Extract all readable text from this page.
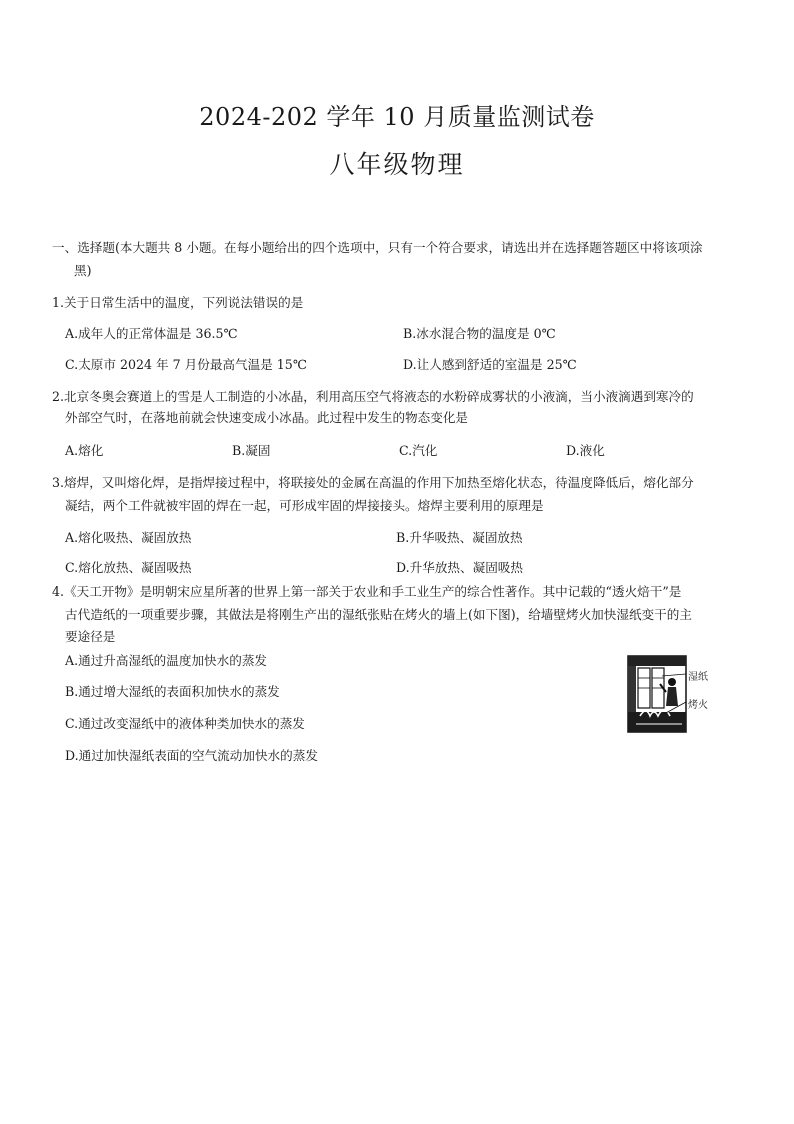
2024-202 学年 10 月质量监测试卷
八年级物理
一、选择题(本大题共 8 小题。在每小题给出的四个选项中，只有一个符合要求，请选出并在选择题答题区中将该项涂
黑)
1.关于日常生活中的温度，下列说法错误的是
A.成年人的正常体温是 36.5℃	B.冰水混合物的温度是 0℃
C.太原市 2024 年 7 月份最高气温是 15℃	D.让人感到舒适的室温是 25℃
2.北京冬奥会赛道上的雪是人工制造的小冰晶，利用高压空气将液态的水粉碎成雾状的小液滴，当小液滴遇到寒冷的
外部空气时，在落地前就会快速变成小冰晶。此过程中发生的物态变化是
A.熔化	B.凝固	C.汽化	D.液化
3.熔焊，又叫熔化焊，是指焊接过程中，将联接处的金属在高温的作用下加热至熔化状态，待温度降低后，熔化部分
凝结，两个工件就被牢固的焊在一起，可形成牢固的焊接接头。熔焊主要利用的原理是
A.熔化吸热、凝固放热	B.升华吸热、凝固放热
C.熔化放热、凝固吸热	D.升华放热、凝固吸热
4.《天工开物》是明朝宋应星所著的世界上第一部关于农业和手工业生产的综合性著作。其中记载的“透火焙干”是
古代造纸的一项重要步骤，其做法是将刚生产出的湿纸张贴在烤火的墙上(如下图)，给墙壁烤火加快湿纸变干的主
要途径是
A.通过升高湿纸的温度加快水的蒸发
B.通过增大湿纸的表面积加快水的蒸发
C.通过改变湿纸中的液体种类加快水的蒸发
D.通过加快湿纸表面的空气流动加快水的蒸发
湿纸
烤火
